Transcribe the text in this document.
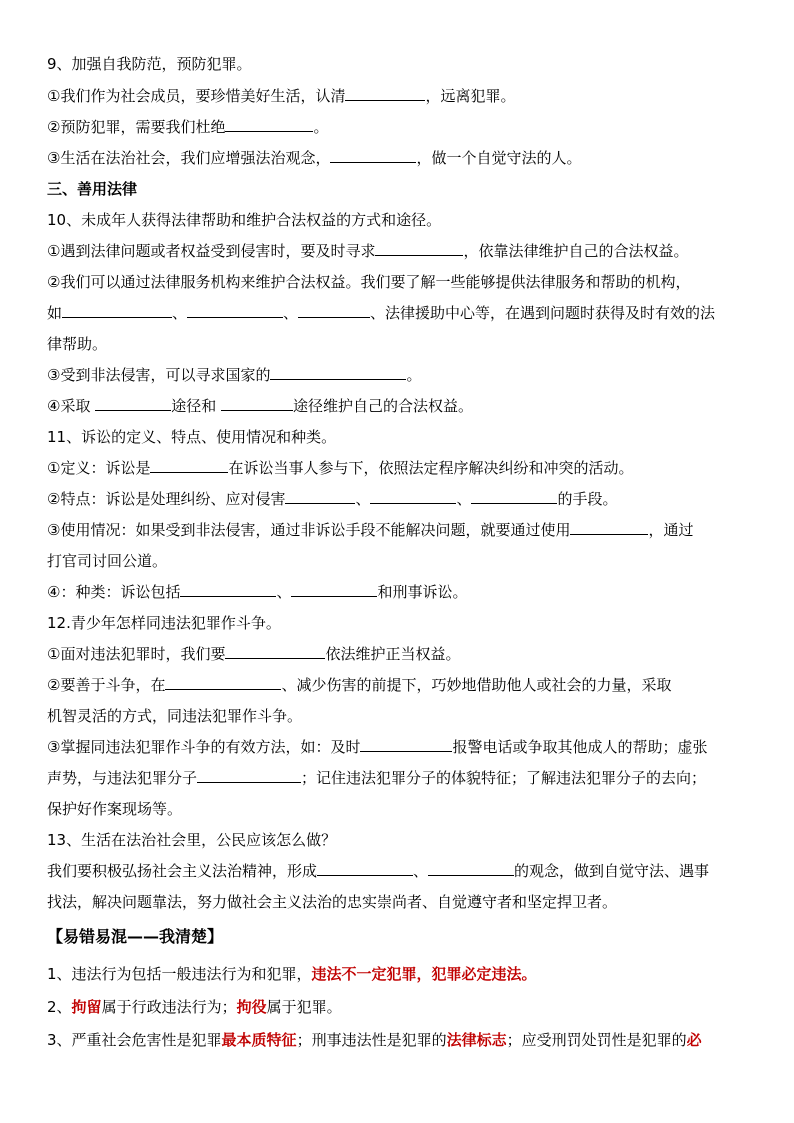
9、加强自我防范，预防犯罪。
①我们作为社会成员，要珍惜美好生活，认清	，远离犯罪。
②预防犯罪，需要我们杜绝	。
③生活在法治社会，我们应增强法治观念，	，做一个自觉守法的人。
三、善用法律
10、未成年人获得法律帮助和维护合法权益的方式和途径。
①遇到法律问题或者权益受到侵害时，要及时寻求	，依靠法律维护自己的合法权益。
②我们可以通过法律服务机构来维护合法权益。我们要了解一些能够提供法律服务和帮助的机构，
如	、	、	、法律援助中心等，在遇到问题时获得及时有效的法
律帮助。
③受到非法侵害，可以寻求国家的	。
④采取	途径和	途径维护自己的合法权益。
11、诉讼的定义、特点、使用情况和种类。
①定义：诉讼是	在诉讼当事人参与下，依照法定程序解决纠纷和冲突的活动。
②特点：诉讼是处理纠纷、应对侵害	、	、	的手段。
③使用情况：如果受到非法侵害，通过非诉讼手段不能解决问题，就要通过使用	，通过
打官司讨回公道。
④：种类：诉讼包括	、	和刑事诉讼。
12.青少年怎样同违法犯罪作斗争。
①面对违法犯罪时，我们要	依法维护正当权益。
②要善于斗争，在	、减少伤害的前提下，巧妙地借助他人或社会的力量，采取
机智灵活的方式，同违法犯罪作斗争。
③掌握同违法犯罪作斗争的有效方法，如：及时	报警电话或争取其他成人的帮助；虚张
声势，与违法犯罪分子	；记住违法犯罪分子的体貌特征；了解违法犯罪分子的去向；
保护好作案现场等。
13、生活在法治社会里，公民应该怎么做？
我们要积极弘扬社会主义法治精神，形成	、	的观念，做到自觉守法、遇事
找法，解决问题靠法，努力做社会主义法治的忠实崇尚者、自觉遵守者和坚定捍卫者。
【易错易混——我清楚】
1、违法行为包括一般违法行为和犯罪，违法不一定犯罪，犯罪必定违法。
2、拘留属于行政违法行为；拘役属于犯罪。
3、严重社会危害性是犯罪最本质特征；刑事违法性是犯罪的法律标志；应受刑罚处罚性是犯罪的必
